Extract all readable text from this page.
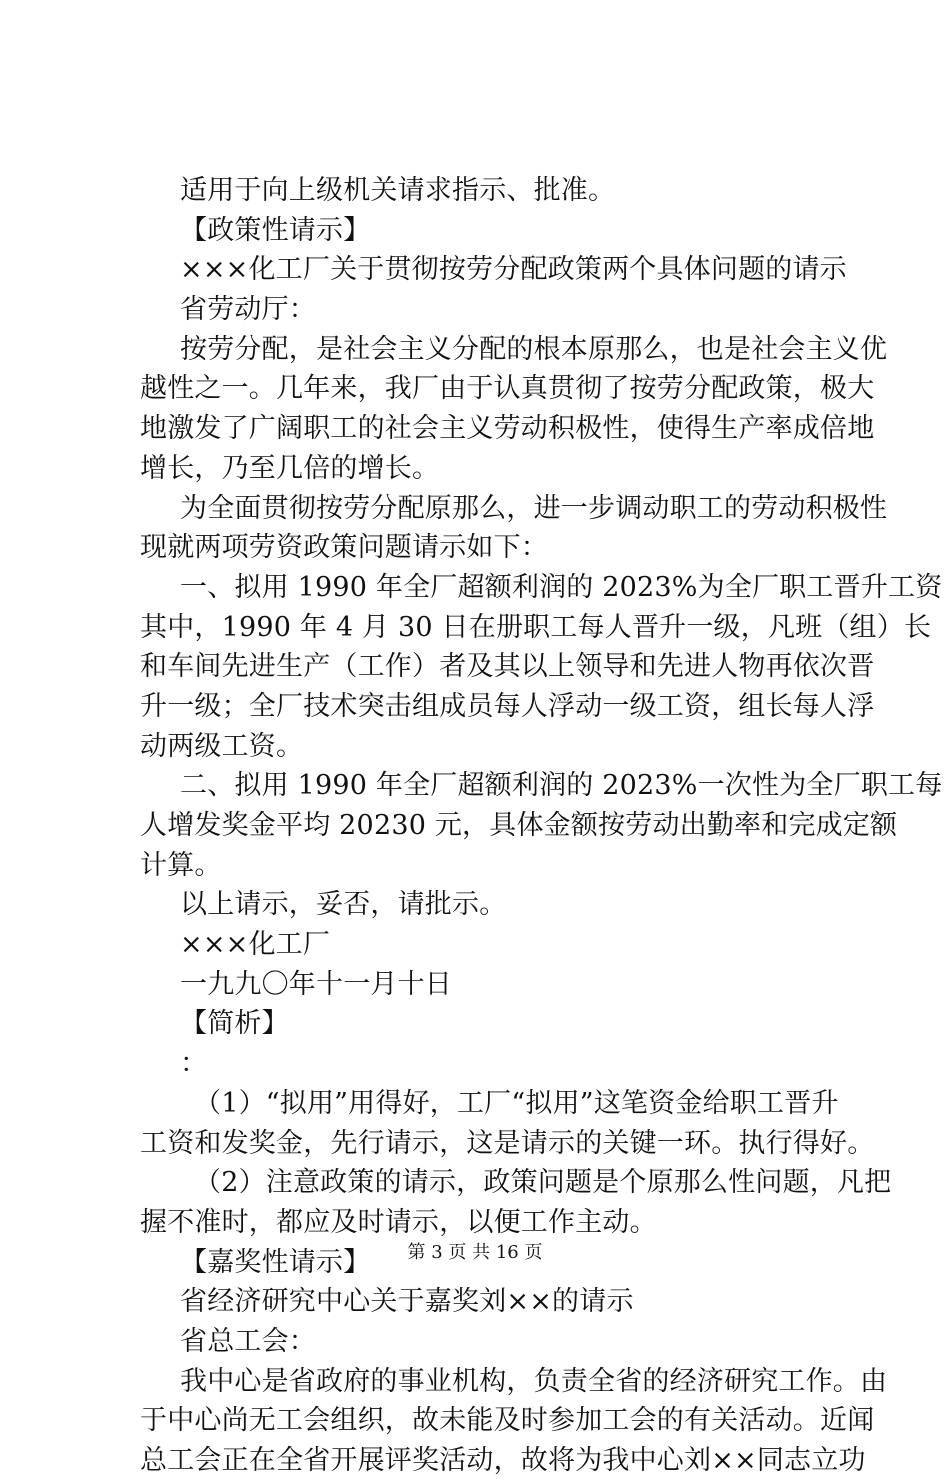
适用于向上级机关请求指示、批准。

【政策性请示】

×××化工厂关于贯彻按劳分配政策两个具体问题的请示

省劳动厅：

按劳分配，是社会主义分配的根本原那么，也是社会主义优

越性之一。几年来，我厂由于认真贯彻了按劳分配政策，极大

地激发了广阔职工的社会主义劳动积极性，使得生产率成倍地

增长，乃至几倍的增长。

为全面贯彻按劳分配原那么，进一步调动职工的劳动积极性

现就两项劳资政策问题请示如下：

一、拟用 1990 年全厂超额利润的 2023%为全厂职工晋升工资

其中，1990 年 4 月 30 日在册职工每人晋升一级，凡班（组）长

和车间先进生产（工作）者及其以上领导和先进人物再依次晋

升一级；全厂技术突击组成员每人浮动一级工资，组长每人浮

动两级工资。

二、拟用 1990 年全厂超额利润的 2023%一次性为全厂职工每

人增发奖金平均 20230 元，具体金额按劳动出勤率和完成定额

计算。

以上请示，妥否，请批示。

×××化工厂

一九九〇年十一月十日

【简析】

：

（1）“拟用”用得好，工厂“拟用”这笔资金给职工晋升

工资和发奖金，先行请示，这是请示的关键一环。执行得好。

（2）注意政策的请示，政策问题是个原那么性问题，凡把

握不准时，都应及时请示，以便工作主动。

【嘉奖性请示】

省经济研究中心关于嘉奖刘××的请示

省总工会：

我中心是省政府的事业机构，负责全省的经济研究工作。由

于中心尚无工会组织，故未能及时参加工会的有关活动。近闻

总工会正在全省开展评奖活动，故将为我中心刘××同志立功

第 3 页 共 16 页
